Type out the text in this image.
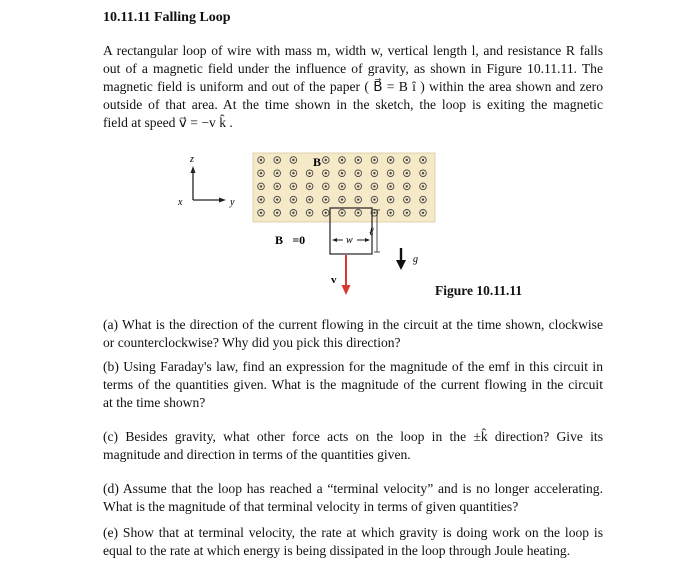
10.11.11 Falling Loop
A rectangular loop of wire with mass m, width w, vertical length l, and resistance R falls
out of a magnetic field under the influence of gravity, as shown in Figure 10.11.11. The
magnetic field is uniform and out of the paper ( B⃗ = B î ) within the area shown and zero
outside of that area. At the time shown in the sketch, the loop is exiting the magnetic
field at speed v⃗ = −v k̂ .
z
y
x
B⃗
w
ℓ
B⃗=0⃗
g
v⃗
Figure 10.11.11
(a) What is the direction of the current flowing in the circuit at the time shown, clockwise
or counterclockwise? Why did you pick this direction?
(b) Using Faraday's law, find an expression for the magnitude of the emf in this circuit in
terms of the quantities given. What is the magnitude of the current flowing in the circuit
at the time shown?
(c) Besides gravity, what other force acts on the loop in the ±k̂ direction? Give its
magnitude and direction in terms of the quantities given.
(d) Assume that the loop has reached a “terminal velocity” and is no longer accelerating.
What is the magnitude of that terminal velocity in terms of given quantities?
(e) Show that at terminal velocity, the rate at which gravity is doing work on the loop is
equal to the rate at which energy is being dissipated in the loop through Joule heating.
